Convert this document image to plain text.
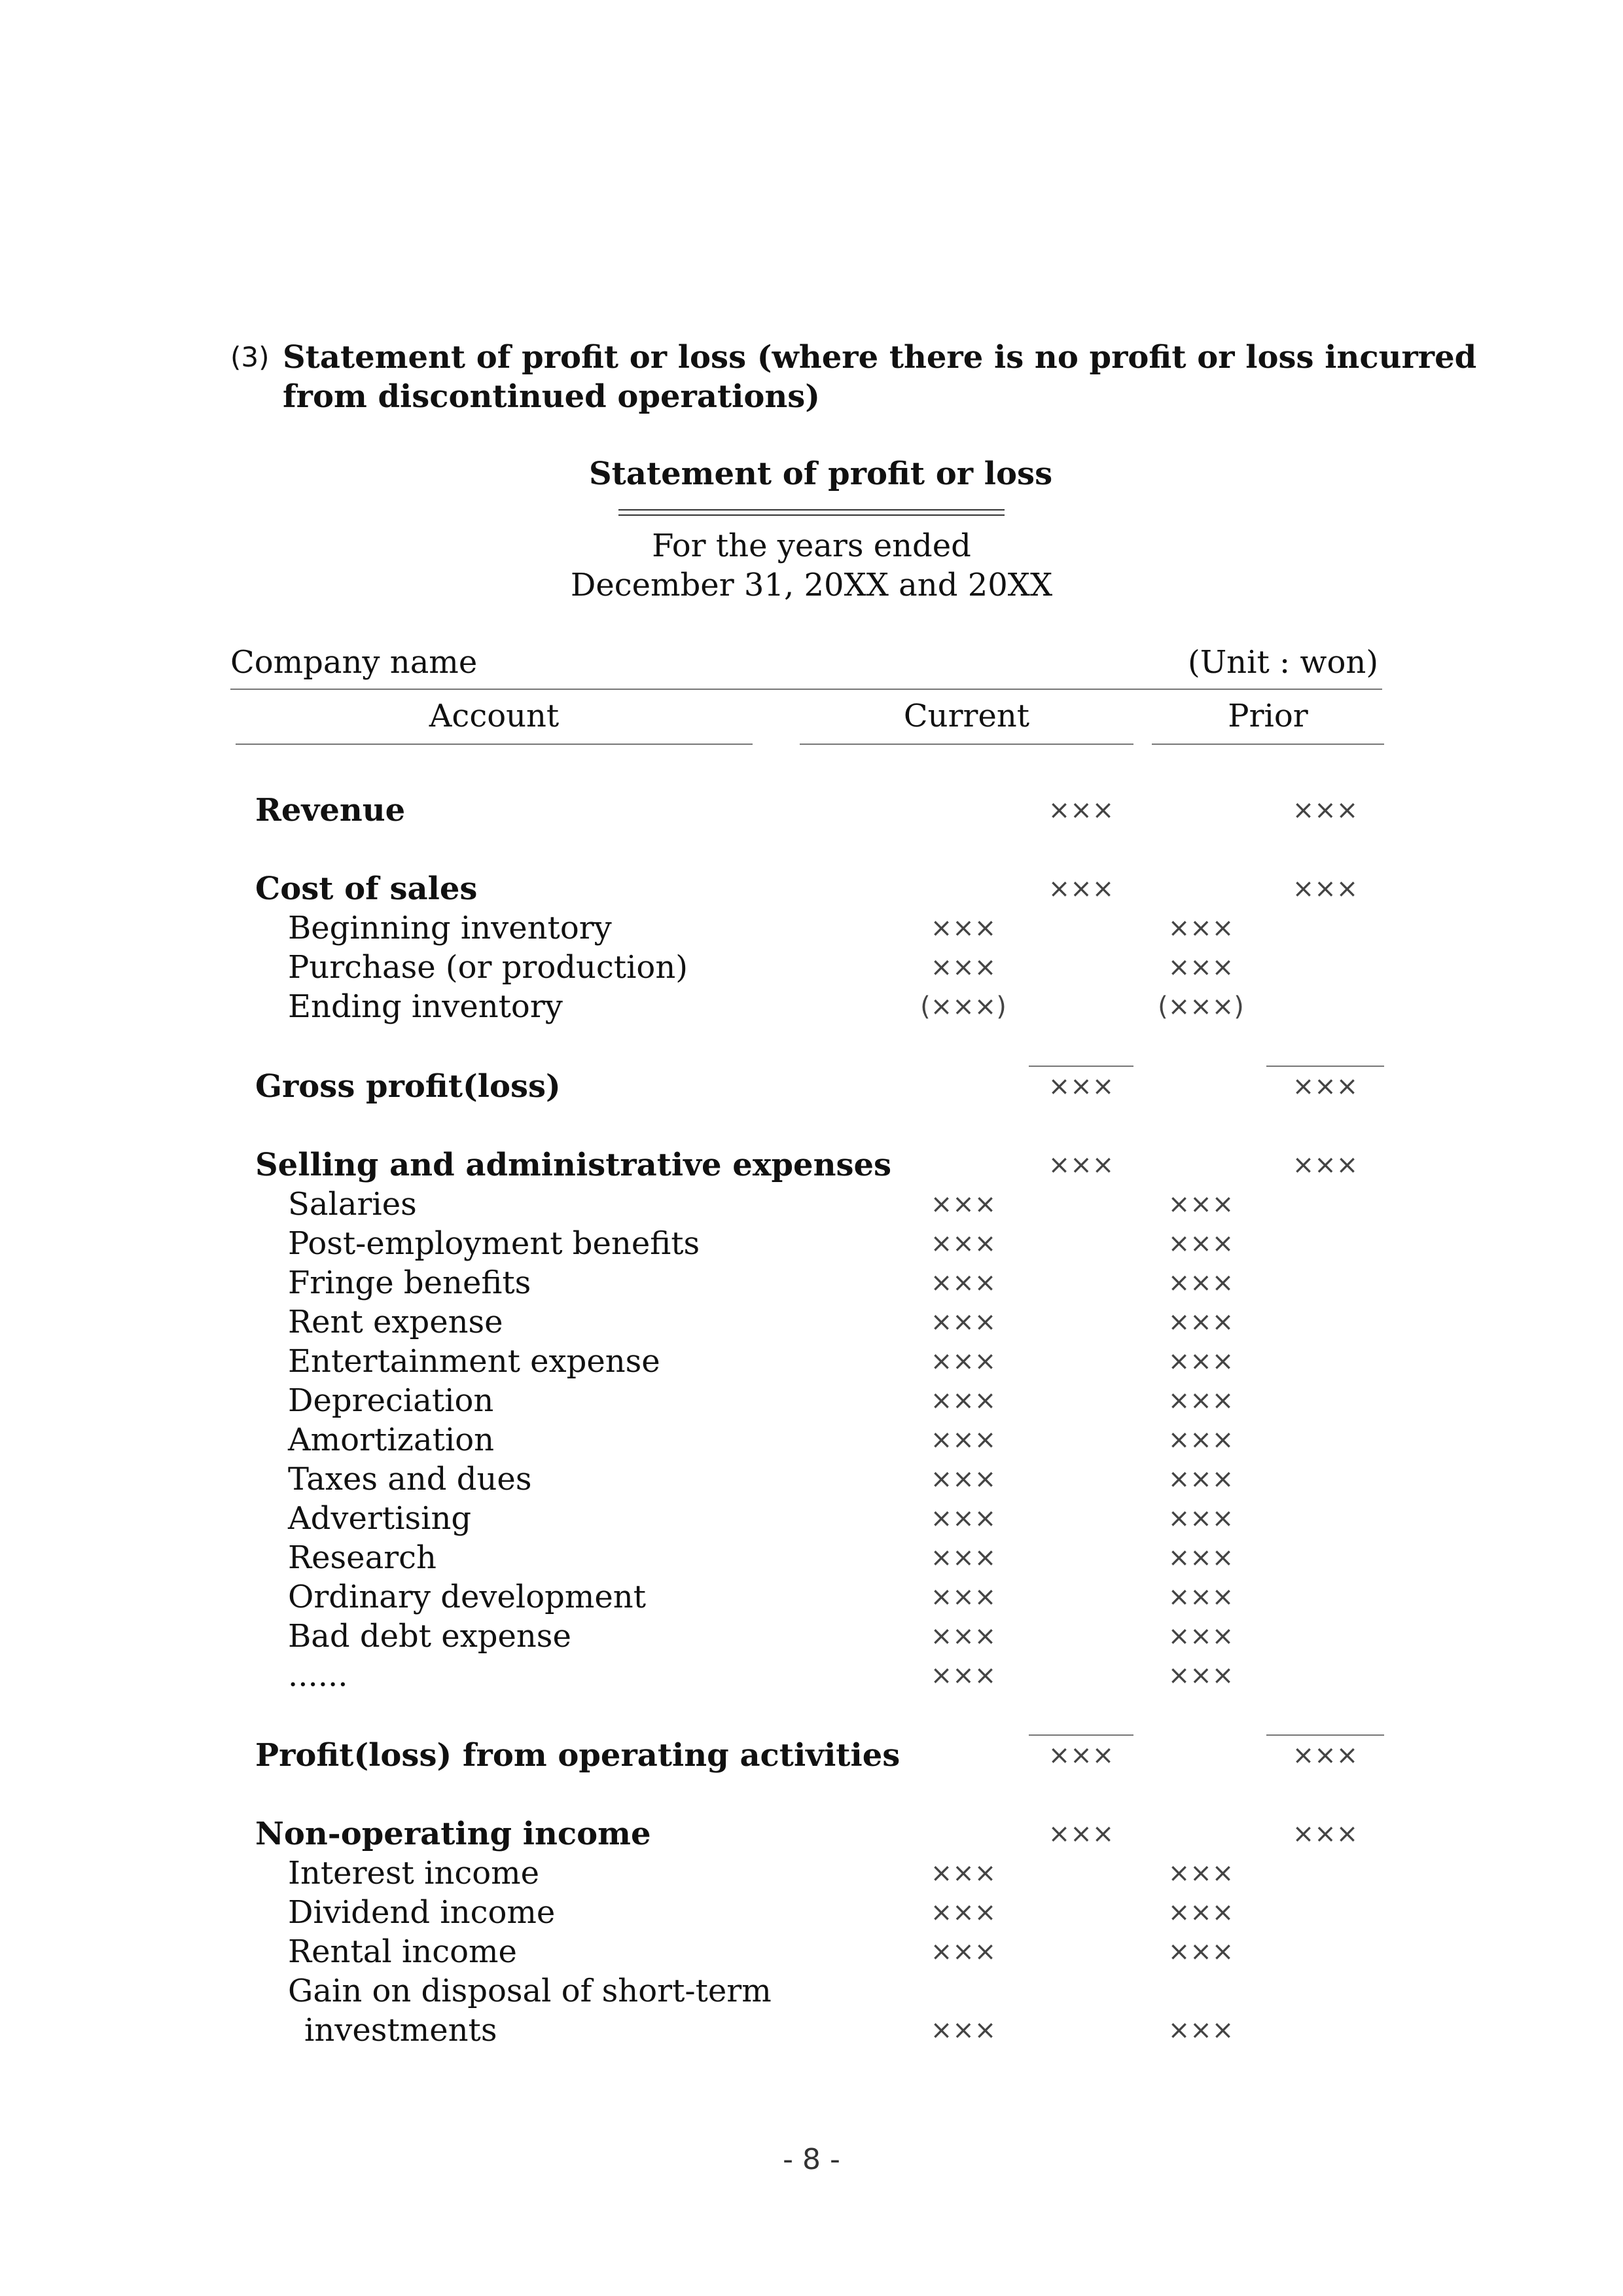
(3) Statement of profit or loss (where there is no profit or loss incurred
from discontinued operations)
Statement of profit or loss
For the years ended
December 31, 20XX and 20XX
Company name	(Unit : won)
Account	Current	Prior
Revenue	×××	×××
Cost of sales	×××	×××
Beginning inventory	×××	×××
Purchase (or production)	×××	×××
Ending inventory	(×××)	(×××)
Gross profit(loss)	×××	×××
Selling and administrative expenses	×××	×××
Salaries	×××	×××
Post-employment benefits	×××	×××
Fringe benefits	×××	×××
Rent expense	×××	×××
Entertainment expense	×××	×××
Depreciation	×××	×××
Amortization	×××	×××
Taxes and dues	×××	×××
Advertising	×××	×××
Research	×××	×××
Ordinary development	×××	×××
Bad debt expense	×××	×××
......	×××	×××
Profit(loss) from operating activities	×××	×××
Non-operating income	×××	×××
Interest income	×××	×××
Dividend income	×××	×××
Rental income	×××	×××
Gain on disposal of short-term
investments	×××	×××
- 8 -
